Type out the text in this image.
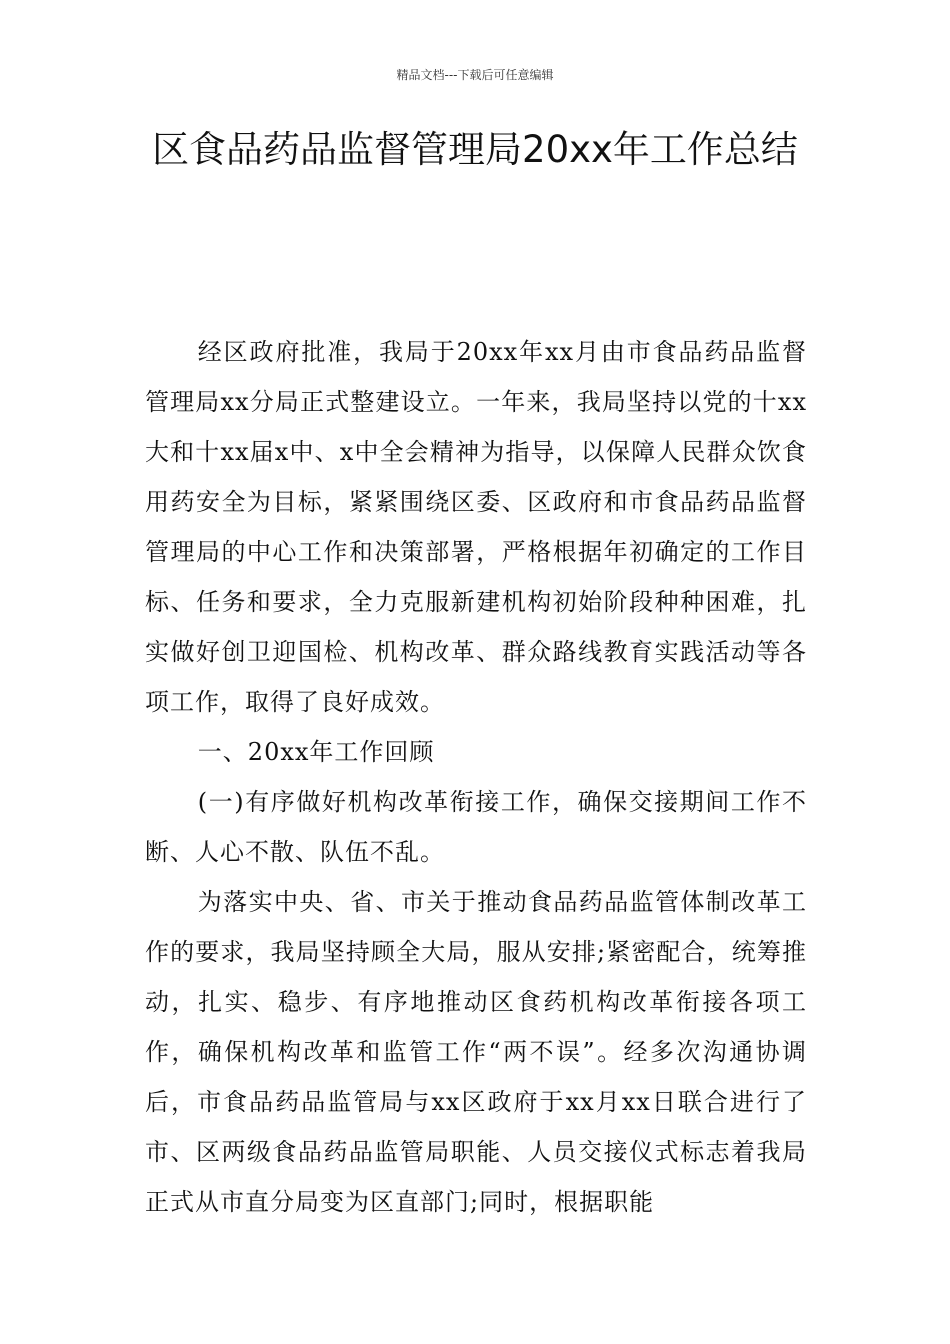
精品文档---下载后可任意编辑
区食品药品监督管理局20xx年工作总结

经区政府批准，我局于20xx年xx月由市食品药品监督管理局xx分局正式整建设立。一年来，我局坚持以党的十xx大和十xx届x中、x中全会精神为指导，以保障人民群众饮食用药安全为目标，紧紧围绕区委、区政府和市食品药品监督管理局的中心工作和决策部署，严格根据年初确定的工作目标、任务和要求，全力克服新建机构初始阶段种种困难，扎实做好创卫迎国检、机构改革、群众路线教育实践活动等各项工作，取得了良好成效。

一、20xx年工作回顾

(一)有序做好机构改革衔接工作，确保交接期间工作不断、人心不散、队伍不乱。

为落实中央、省、市关于推动食品药品监管体制改革工作的要求，我局坚持顾全大局，服从安排;紧密配合，统筹推动，扎实、稳步、有序地推动区食药机构改革衔接各项工作，确保机构改革和监管工作“两不误”。经多次沟通协调后，市食品药品监管局与xx区政府于xx月xx日联合进行了市、区两级食品药品监管局职能、人员交接仪式标志着我局正式从市直分局变为区直部门;同时，根据职能
